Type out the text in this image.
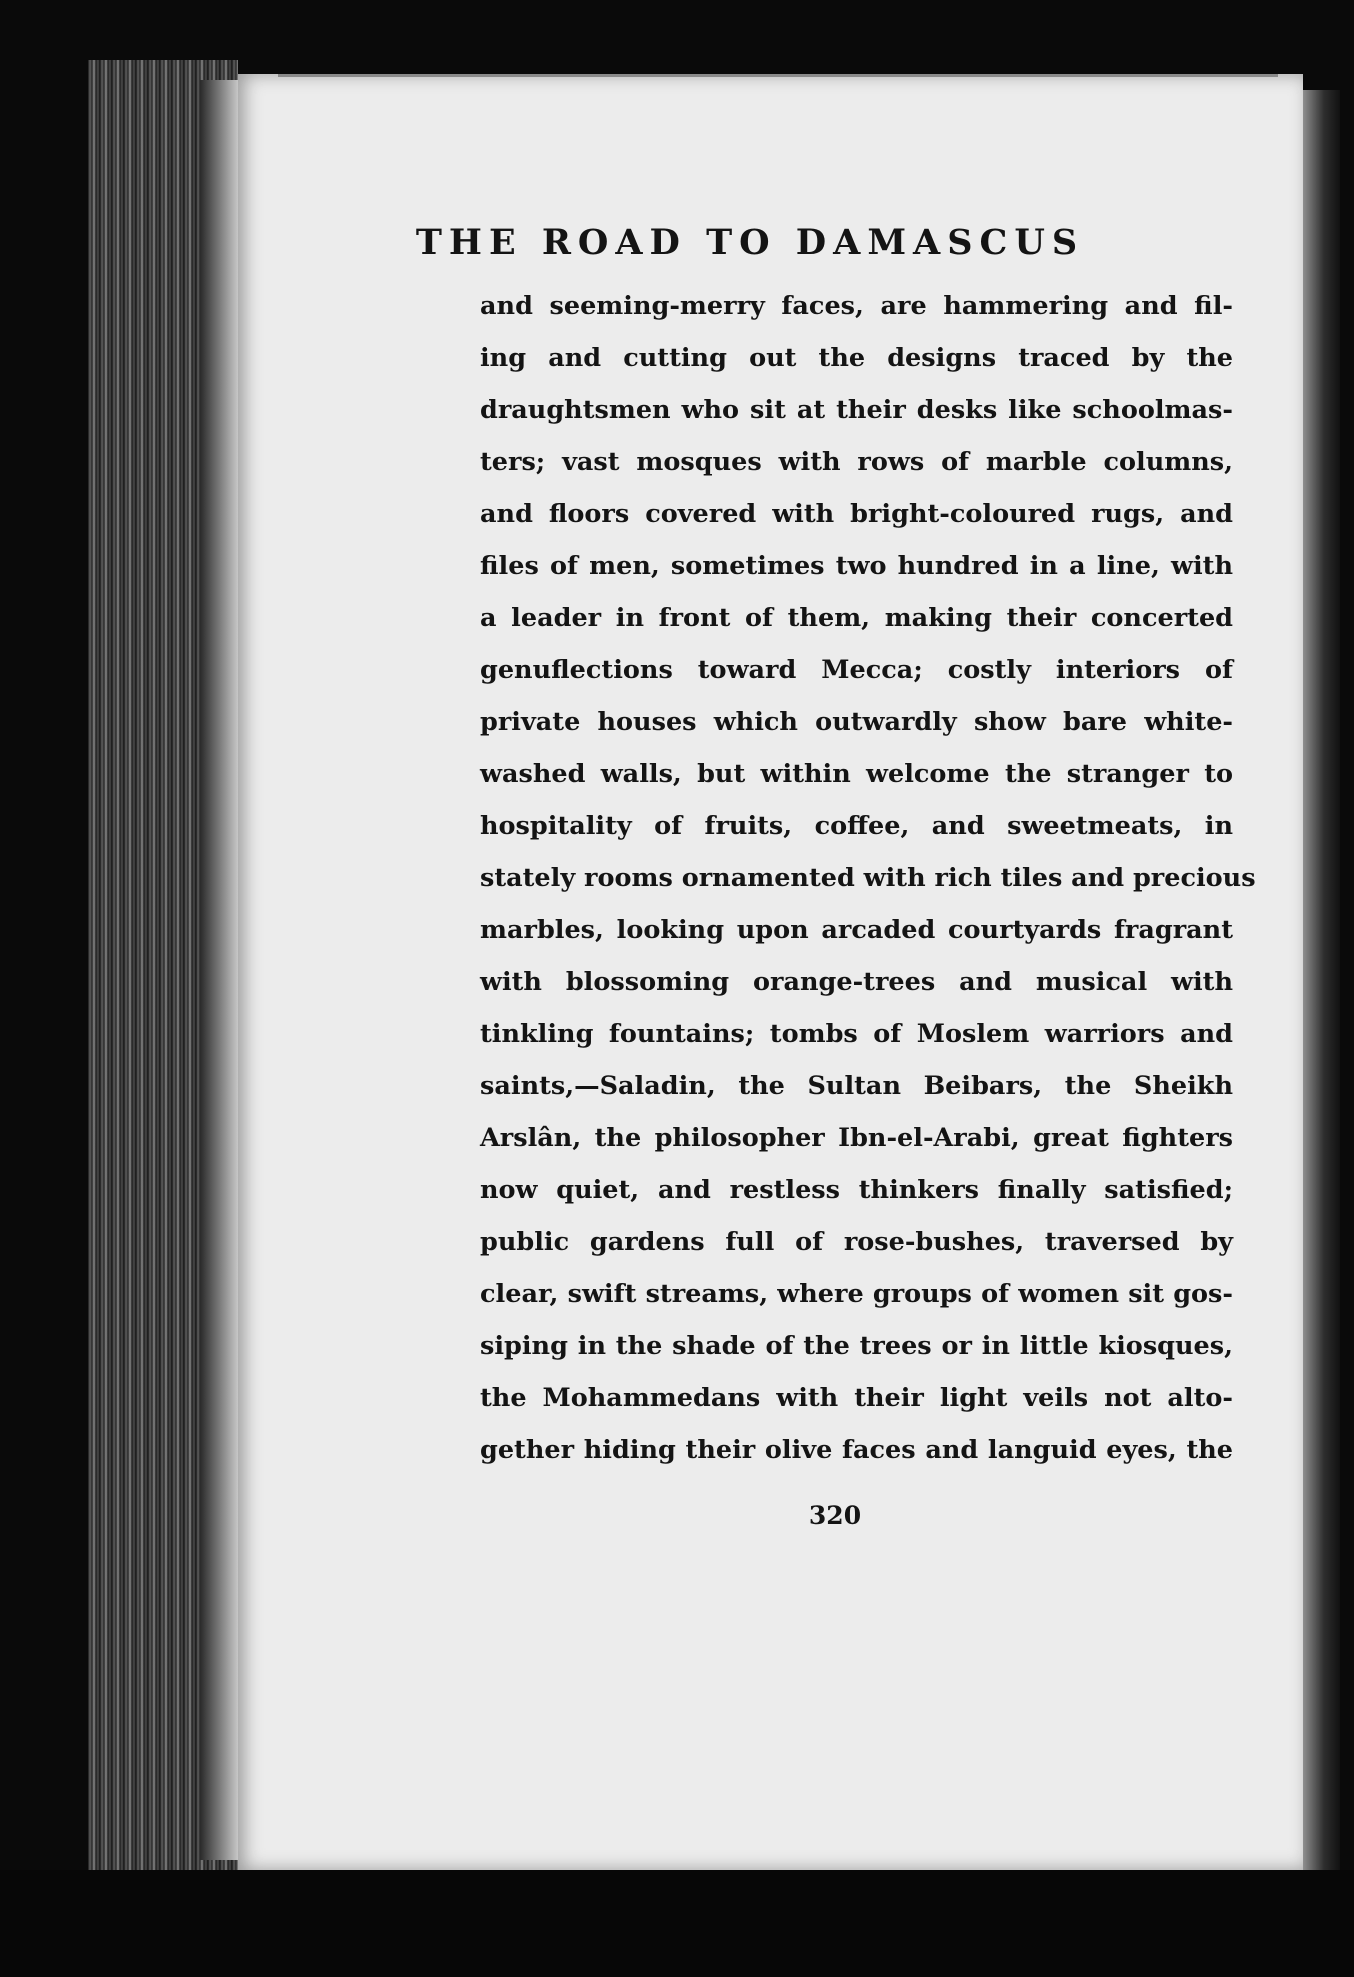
THE ROAD TO DAMASCUS
and seeming-merry faces, are hammering and fil-
ing and cutting out the designs traced by the
draughtsmen who sit at their desks like schoolmas-
ters; vast mosques with rows of marble columns,
and floors covered with bright-coloured rugs, and
files of men, sometimes two hundred in a line, with
a leader in front of them, making their concerted
genuflections toward Mecca; costly interiors of
private houses which outwardly show bare white-
washed walls, but within welcome the stranger to
hospitality of fruits, coffee, and sweetmeats, in
stately rooms ornamented with rich tiles and precious
marbles, looking upon arcaded courtyards fragrant
with blossoming orange-trees and musical with
tinkling fountains; tombs of Moslem warriors and
saints,—Saladin, the Sultan Beibars, the Sheikh
Arslân, the philosopher Ibn-el-Arabi, great fighters
now quiet, and restless thinkers finally satisfied;
public gardens full of rose-bushes, traversed by
clear, swift streams, where groups of women sit gos-
siping in the shade of the trees or in little kiosques,
the Mohammedans with their light veils not alto-
gether hiding their olive faces and languid eyes, the
320
